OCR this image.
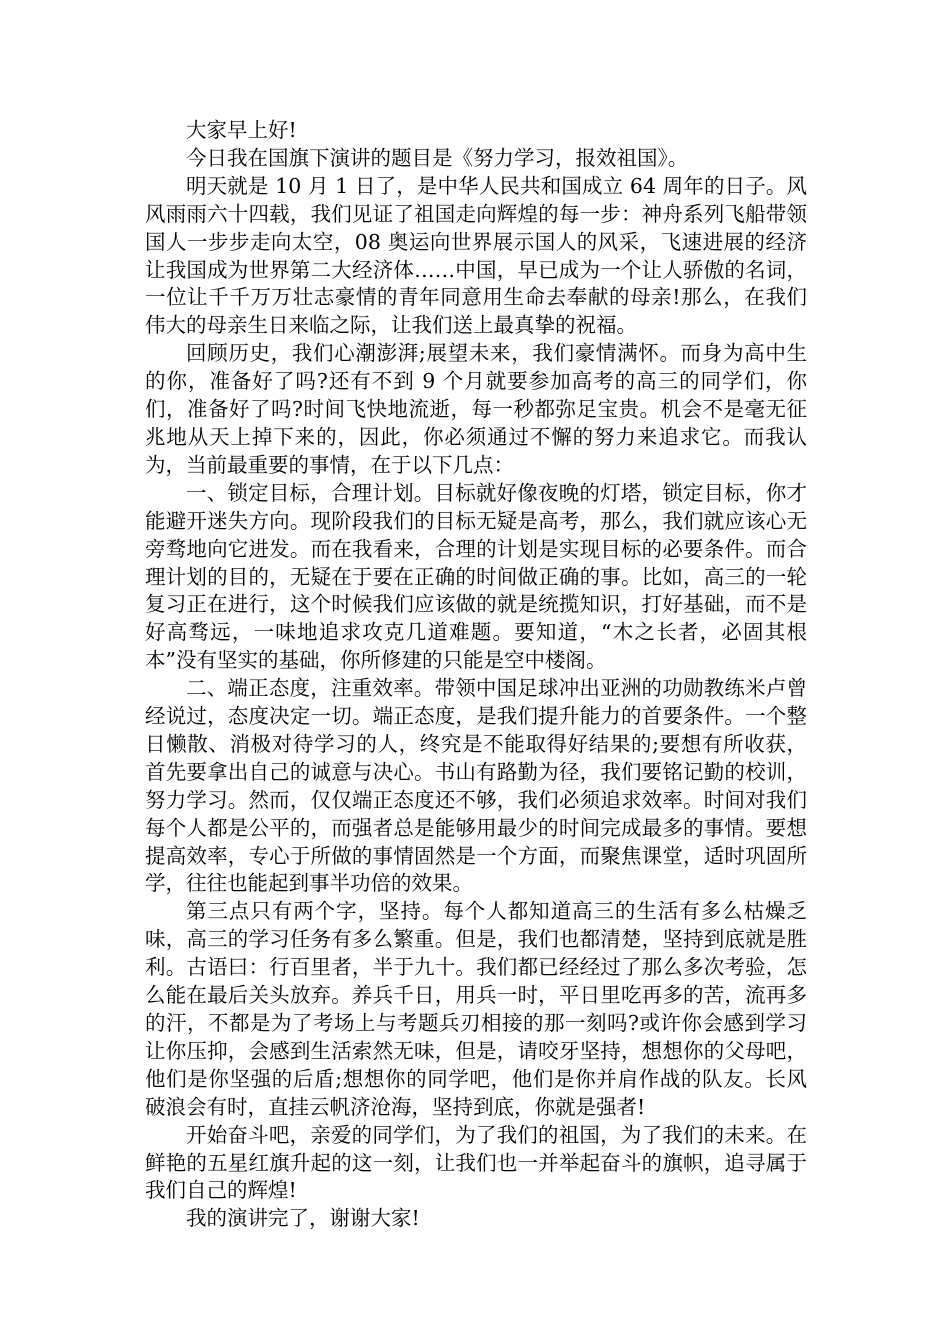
大家早上好!

今日我在国旗下演讲的题目是《努力学习，报效祖国》。

明天就是 10 月 1 日了，是中华人民共和国成立 64 周年的日子。风风雨雨六十四载，我们见证了祖国走向辉煌的每一步：神舟系列飞船带领国人一步步走向太空，08 奥运向世界展示国人的风采，飞速进展的经济让我国成为世界第二大经济体……中国，早已成为一个让人骄傲的名词，一位让千千万万壮志豪情的青年同意用生命去奉献的母亲!那么，在我们伟大的母亲生日来临之际，让我们送上最真挚的祝福。

回顾历史，我们心潮澎湃;展望未来，我们豪情满怀。而身为高中生的你，准备好了吗?还有不到 9 个月就要参加高考的高三的同学们，你们，准备好了吗?时间飞快地流逝，每一秒都弥足宝贵。机会不是毫无征兆地从天上掉下来的，因此，你必须通过不懈的努力来追求它。而我认为，当前最重要的事情，在于以下几点：

一、锁定目标，合理计划。目标就好像夜晚的灯塔，锁定目标，你才能避开迷失方向。现阶段我们的目标无疑是高考，那么，我们就应该心无旁骛地向它进发。而在我看来，合理的计划是实现目标的必要条件。而合理计划的目的，无疑在于要在正确的时间做正确的事。比如，高三的一轮复习正在进行，这个时候我们应该做的就是统揽知识，打好基础，而不是好高骛远，一味地追求攻克几道难题。要知道，“木之长者，必固其根本”没有坚实的基础，你所修建的只能是空中楼阁。

二、端正态度，注重效率。带领中国足球冲出亚洲的功勋教练米卢曾经说过，态度决定一切。端正态度，是我们提升能力的首要条件。一个整日懒散、消极对待学习的人，终究是不能取得好结果的;要想有所收获，首先要拿出自己的诚意与决心。书山有路勤为径，我们要铭记勤的校训，努力学习。然而，仅仅端正态度还不够，我们必须追求效率。时间对我们每个人都是公平的，而强者总是能够用最少的时间完成最多的事情。要想提高效率，专心于所做的事情固然是一个方面，而聚焦课堂，适时巩固所学，往往也能起到事半功倍的效果。

第三点只有两个字，坚持。每个人都知道高三的生活有多么枯燥乏味，高三的学习任务有多么繁重。但是，我们也都清楚，坚持到底就是胜利。古语曰：行百里者，半于九十。我们都已经经过了那么多次考验，怎么能在最后关头放弃。养兵千日，用兵一时，平日里吃再多的苦，流再多的汗，不都是为了考场上与考题兵刃相接的那一刻吗?或许你会感到学习让你压抑，会感到生活索然无味，但是，请咬牙坚持，想想你的父母吧，他们是你坚强的后盾;想想你的同学吧，他们是你并肩作战的队友。长风破浪会有时，直挂云帆济沧海，坚持到底，你就是强者!

开始奋斗吧，亲爱的同学们，为了我们的祖国，为了我们的未来。在鲜艳的五星红旗升起的这一刻，让我们也一并举起奋斗的旗帜，追寻属于我们自己的辉煌!

我的演讲完了，谢谢大家!
